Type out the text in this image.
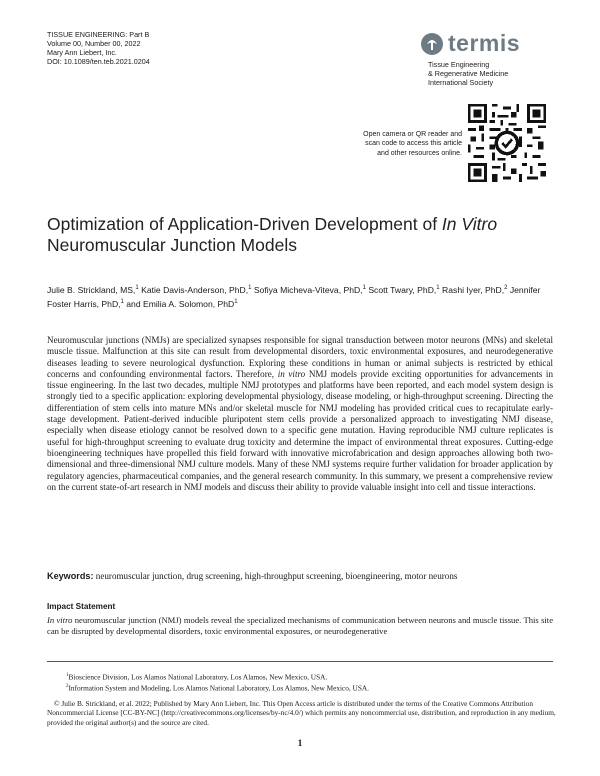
TISSUE ENGINEERING: Part B
Volume 00, Number 00, 2022
Mary Ann Liebert, Inc.
DOI: 10.1089/ten.teb.2021.0204
termis
Tissue Engineering
& Regenerative Medicine
International Society
Open camera or QR reader and
scan code to access this article
and other resources online.
Optimization of Application-Driven Development of In Vitro
Neuromuscular Junction Models
Julie B. Strickland, MS,$^1$ Katie Davis-Anderson, PhD,$^1$ Sofiya Micheva-Viteva, PhD,$^1$ Scott Twary, PhD,$^1$ Rashi Iyer, PhD,$^2$ Jennifer Foster Harris, PhD,$^1$ and Emilia A. Solomon, PhD$^1$

Neuromuscular junctions (NMJs) are specialized synapses responsible for signal transduction between motor neurons (MNs) and skeletal muscle tissue. Malfunction at this site can result from developmental disorders, toxic environmental exposures, and neurodegenerative diseases leading to severe neurological dysfunction. Exploring these conditions in human or animal subjects is restricted by ethical concerns and confounding environmental factors. Therefore, in vitro NMJ models provide exciting opportunities for advancements in tissue engineering. In the last two decades, multiple NMJ prototypes and platforms have been reported, and each model system design is strongly tied to a specific application: exploring developmental physiology, disease modeling, or high-throughput screening. Directing the differentiation of stem cells into mature MNs and/or skeletal muscle for NMJ modeling has provided critical cues to recapitulate early-stage development. Patient-derived inducible pluripotent stem cells provide a personalized approach to investigating NMJ disease, especially when disease etiology cannot be resolved down to a specific gene mutation. Having reproducible NMJ culture replicates is useful for high-throughput screening to evaluate drug toxicity and determine the impact of environmental threat exposures. Cutting-edge bioengineering techniques have propelled this field forward with innovative microfabrication and design approaches allowing both two-dimensional and three-dimensional NMJ culture models. Many of these NMJ systems require further validation for broader application by regulatory agencies, pharmaceutical companies, and the general research community. In this summary, we present a comprehensive review on the current state-of-art research in NMJ models and discuss their ability to provide valuable insight into cell and tissue interactions.

Keywords: neuromuscular junction, drug screening, high-throughput screening, bioengineering, motor neurons
Impact Statement

In vitro neuromuscular junction (NMJ) models reveal the specialized mechanisms of communication between neurons and muscle tissue. This site can be disrupted by developmental disorders, toxic environmental exposures, or neurodegenerative

$^1$Bioscience Division, Los Alamos National Laboratory, Los Alamos, New Mexico, USA.
$^2$Information System and Modeling, Los Alamos National Laboratory, Los Alamos, New Mexico, USA.

© Julie B. Strickland, et al. 2022; Published by Mary Ann Liebert, Inc. This Open Access article is distributed under the terms of the Creative Commons Attribution Noncommercial License [CC-BY-NC] (http://creativecommons.org/licenses/by-nc/4.0/) which permits any noncommercial use, distribution, and reproduction in any medium, provided the original author(s) and the source are cited.

1
